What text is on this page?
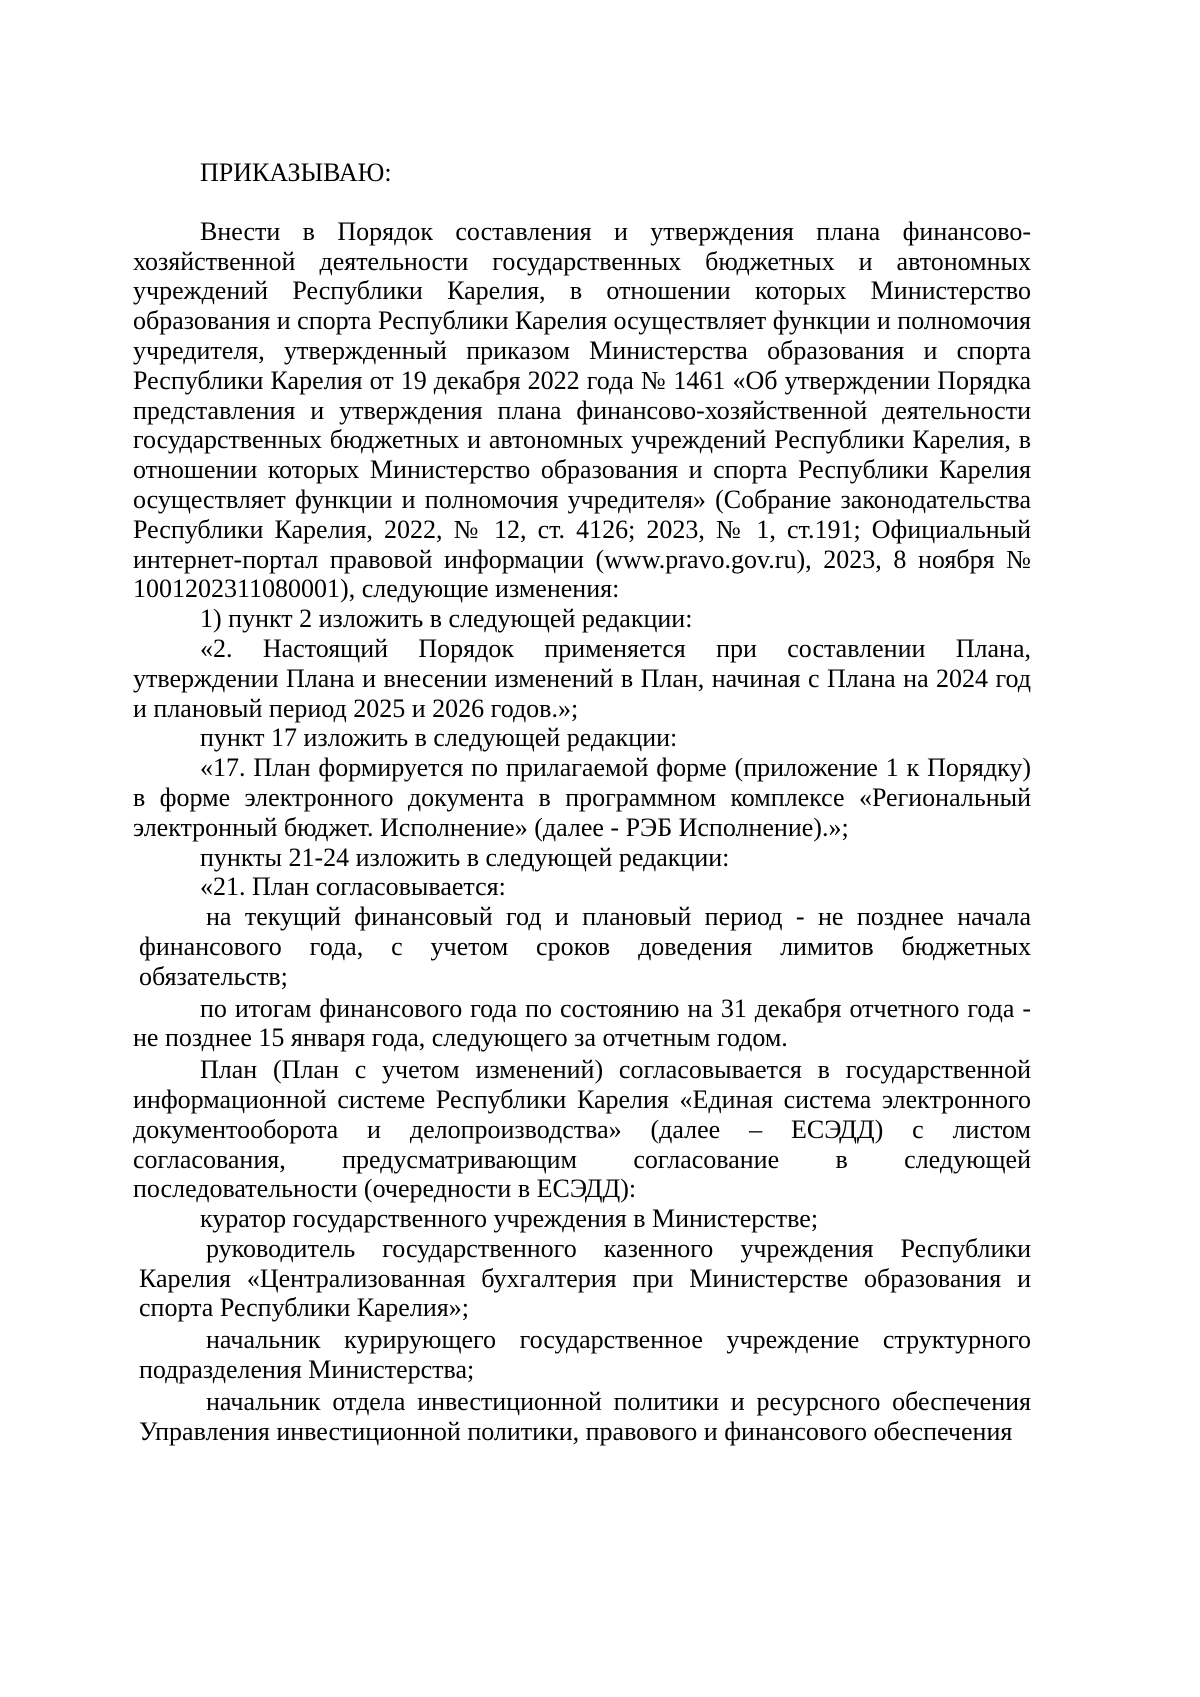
ПРИКАЗЫВАЮ:

Внести в Порядок составления и утверждения плана финансово-хозяйственной деятельности государственных бюджетных и автономных учреждений Республики Карелия, в отношении которых Министерство образования и спорта Республики Карелия осуществляет функции и полномочия учредителя, утвержденный приказом Министерства образования и спорта Республики Карелия от 19 декабря 2022 года № 1461 «Об утверждении Порядка представления и утверждения плана финансово-хозяйственной деятельности государственных бюджетных и автономных учреждений Республики Карелия, в отношении которых Министерство образования и спорта Республики Карелия осуществляет функции и полномочия учредителя» (Собрание законодательства Республики Карелия, 2022, № 12, ст. 4126; 2023, № 1, ст.191; Официальный интернет-портал правовой информации (www.pravo.gov.ru), 2023, 8 ноября № 1001202311080001), следующие изменения:

1) пункт 2 изложить в следующей редакции:

«2. Настоящий Порядок применяется при составлении Плана, утверждении Плана и внесении изменений в План, начиная с Плана на 2024 год и плановый период 2025 и 2026 годов.»;

пункт 17 изложить в следующей редакции:

«17. План формируется по прилагаемой форме (приложение 1 к Порядку) в форме электронного документа в программном комплексе «Региональный электронный бюджет. Исполнение» (далее - РЭБ Исполнение).»;

пункты 21-24 изложить в следующей редакции:

«21. План согласовывается:

на текущий финансовый год и плановый период - не позднее начала финансового года, с учетом сроков доведения лимитов бюджетных обязательств;

по итогам финансового года по состоянию на 31 декабря отчетного года - не позднее 15 января года, следующего за отчетным годом.

План (План с учетом изменений) согласовывается в государственной информационной системе Республики Карелия «Единая система электронного документооборота и делопроизводства» (далее – ЕСЭДД) с листом согласования, предусматривающим согласование в следующей последовательности (очередности в ЕСЭДД):

куратор государственного учреждения в Министерстве;

руководитель государственного казенного учреждения Республики Карелия «Централизованная бухгалтерия при Министерстве образования и спорта Республики Карелия»;

начальник курирующего государственное учреждение структурного подразделения Министерства;

начальник отдела инвестиционной политики и ресурсного обеспечения Управления инвестиционной политики, правового и финансового обеспечения
